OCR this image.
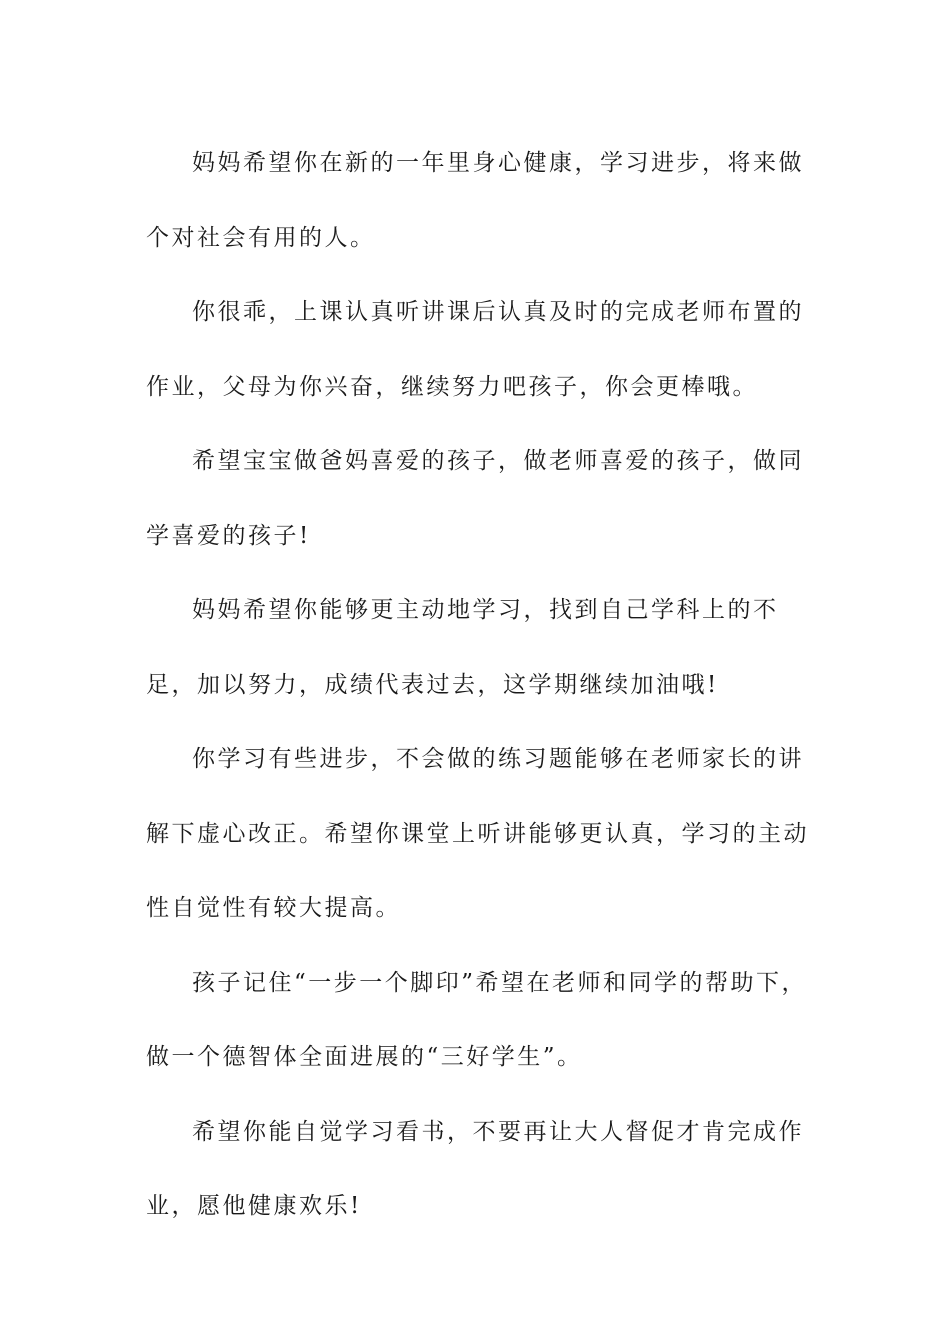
妈妈希望你在新的一年里身心健康，学习进步，将来做个对社会有用的人。

你很乖，上课认真听讲课后认真及时的完成老师布置的作业，父母为你兴奋，继续努力吧孩子，你会更棒哦。

希望宝宝做爸妈喜爱的孩子，做老师喜爱的孩子，做同学喜爱的孩子!

妈妈希望你能够更主动地学习，找到自己学科上的不足，加以努力，成绩代表过去，这学期继续加油哦!

你学习有些进步，不会做的练习题能够在老师家长的讲解下虚心改正。希望你课堂上听讲能够更认真，学习的主动性自觉性有较大提高。

孩子记住“一步一个脚印”希望在老师和同学的帮助下，做一个德智体全面进展的“三好学生”。

希望你能自觉学习看书，不要再让大人督促才肯完成作业，愿他健康欢乐!
